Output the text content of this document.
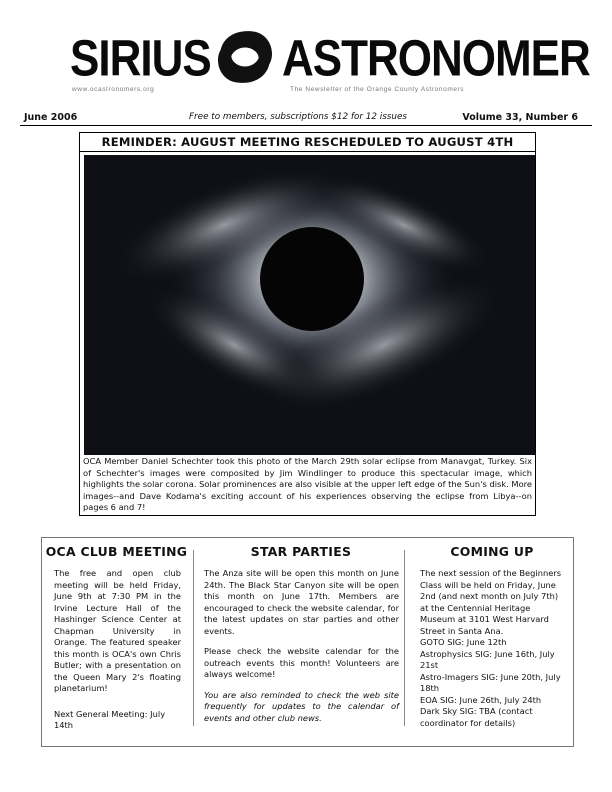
SIRIUS ASTRONOMER
www.ocastronomers.org	The Newsletter of the Orange County Astronomers
June 2006	Free to members, subscriptions $12 for 12 issues	Volume 33, Number 6
REMINDER: AUGUST MEETING RESCHEDULED TO AUGUST 4TH
OCA Member Daniel Schechter took this photo of the March 29th solar eclipse from Manavgat, Turkey. Six of Schechter's images were composited by Jim Windlinger to produce this spectacular image, which highlights the solar corona. Solar prominences are also visible at the upper left edge of the Sun's disk. More images--and Dave Kodama's exciting account of his experiences observing the eclipse from Libya--on pages 6 and 7!
OCA CLUB MEETING

The free and open club meeting will be held Friday, June 9th at 7:30 PM in the Irvine Lecture Hall of the Hashinger Science Center at Chapman University in Orange. The featured speaker this month is OCA's own Chris Butler; with a presentation on the Queen Mary 2's floating planetarium!

Next General Meeting: July 14th

STAR PARTIES

The Anza site will be open this month on June 24th. The Black Star Canyon site will be open this month on June 17th. Members are encouraged to check the website calendar, for the latest updates on star parties and other events.

Please check the website calendar for the outreach events this month! Volunteers are always welcome!

You are also reminded to check the web site frequently for updates to the calendar of events and other club news.

COMING UP
The next session of the Beginners Class will be held on Friday, June 2nd (and next month on July 7th) at the Centennial Heritage Museum at 3101 West Harvard Street in Santa Ana.
GOTO SIG: June 12th
Astrophysics SIG: June 16th, July 21st
Astro-Imagers SIG: June 20th, July 18th
EOA SIG: June 26th, July 24th
Dark Sky SIG: TBA (contact coordinator for details)
